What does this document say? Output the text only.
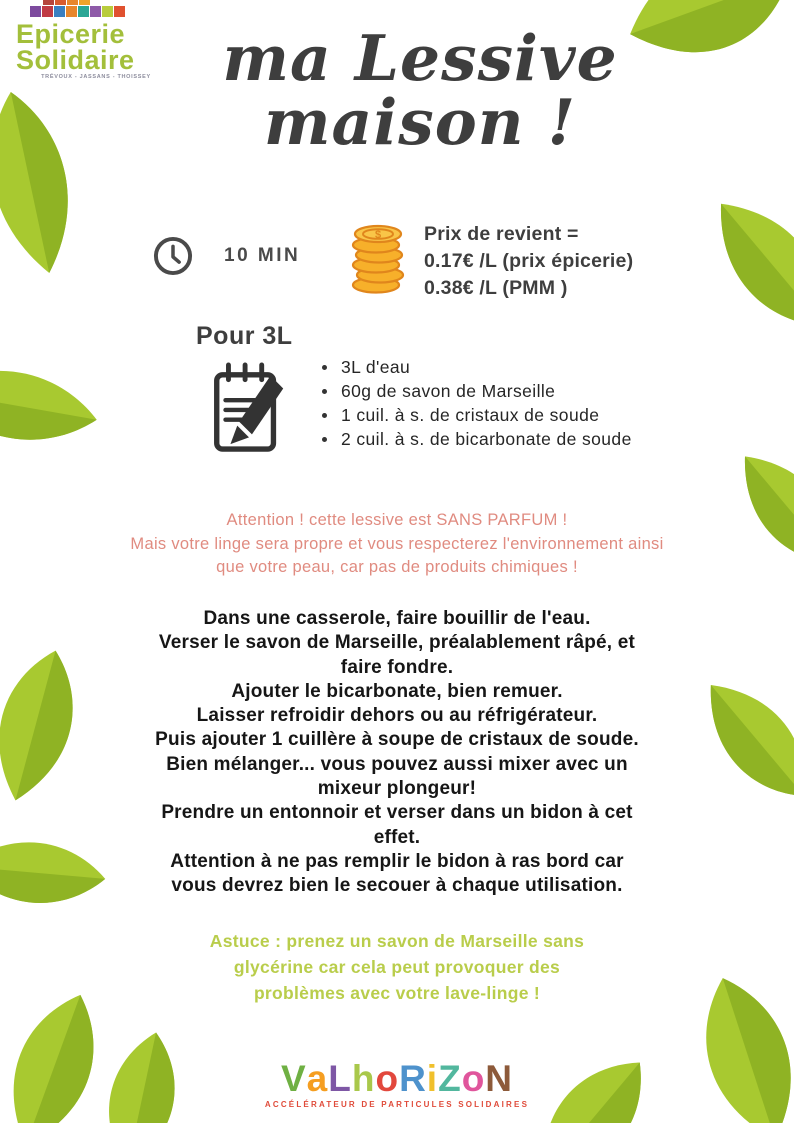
Epicerie
Solidaire
TRÉVOUX - JASSANS - THOISSEY	ma Lessive
maison !
10 MIN
$ Prix de revient =
0.17€ /L (prix épicerie)
0.38€ /L (PMM )
Pour 3L
3L d'eau
60g de savon de Marseille
1 cuil. à s. de cristaux de soude
2 cuil. à s. de bicarbonate de soude
Attention ! cette lessive est SANS PARFUM !
Mais votre linge sera propre et vous respecterez l'environnement ainsi
que votre peau, car pas de produits chimiques !
Dans une casserole, faire bouillir de l'eau.
Verser le savon de Marseille, préalablement râpé, et
faire fondre.
Ajouter le bicarbonate, bien remuer.
Laisser refroidir dehors ou au réfrigérateur.
Puis ajouter 1 cuillère à soupe de cristaux de soude.
Bien mélanger... vous pouvez aussi mixer avec un
mixeur plongeur!
Prendre un entonnoir et verser dans un bidon à cet
effet.
Attention à ne pas remplir le bidon à ras bord car
vous devrez bien le secouer à chaque utilisation.
Astuce : prenez un savon de Marseille sans
glycérine car cela peut provoquer des
problèmes avec votre lave-linge !
VaLhoRiZoN
ACCÉLÉRATEUR DE PARTICULES SOLIDAIRES
